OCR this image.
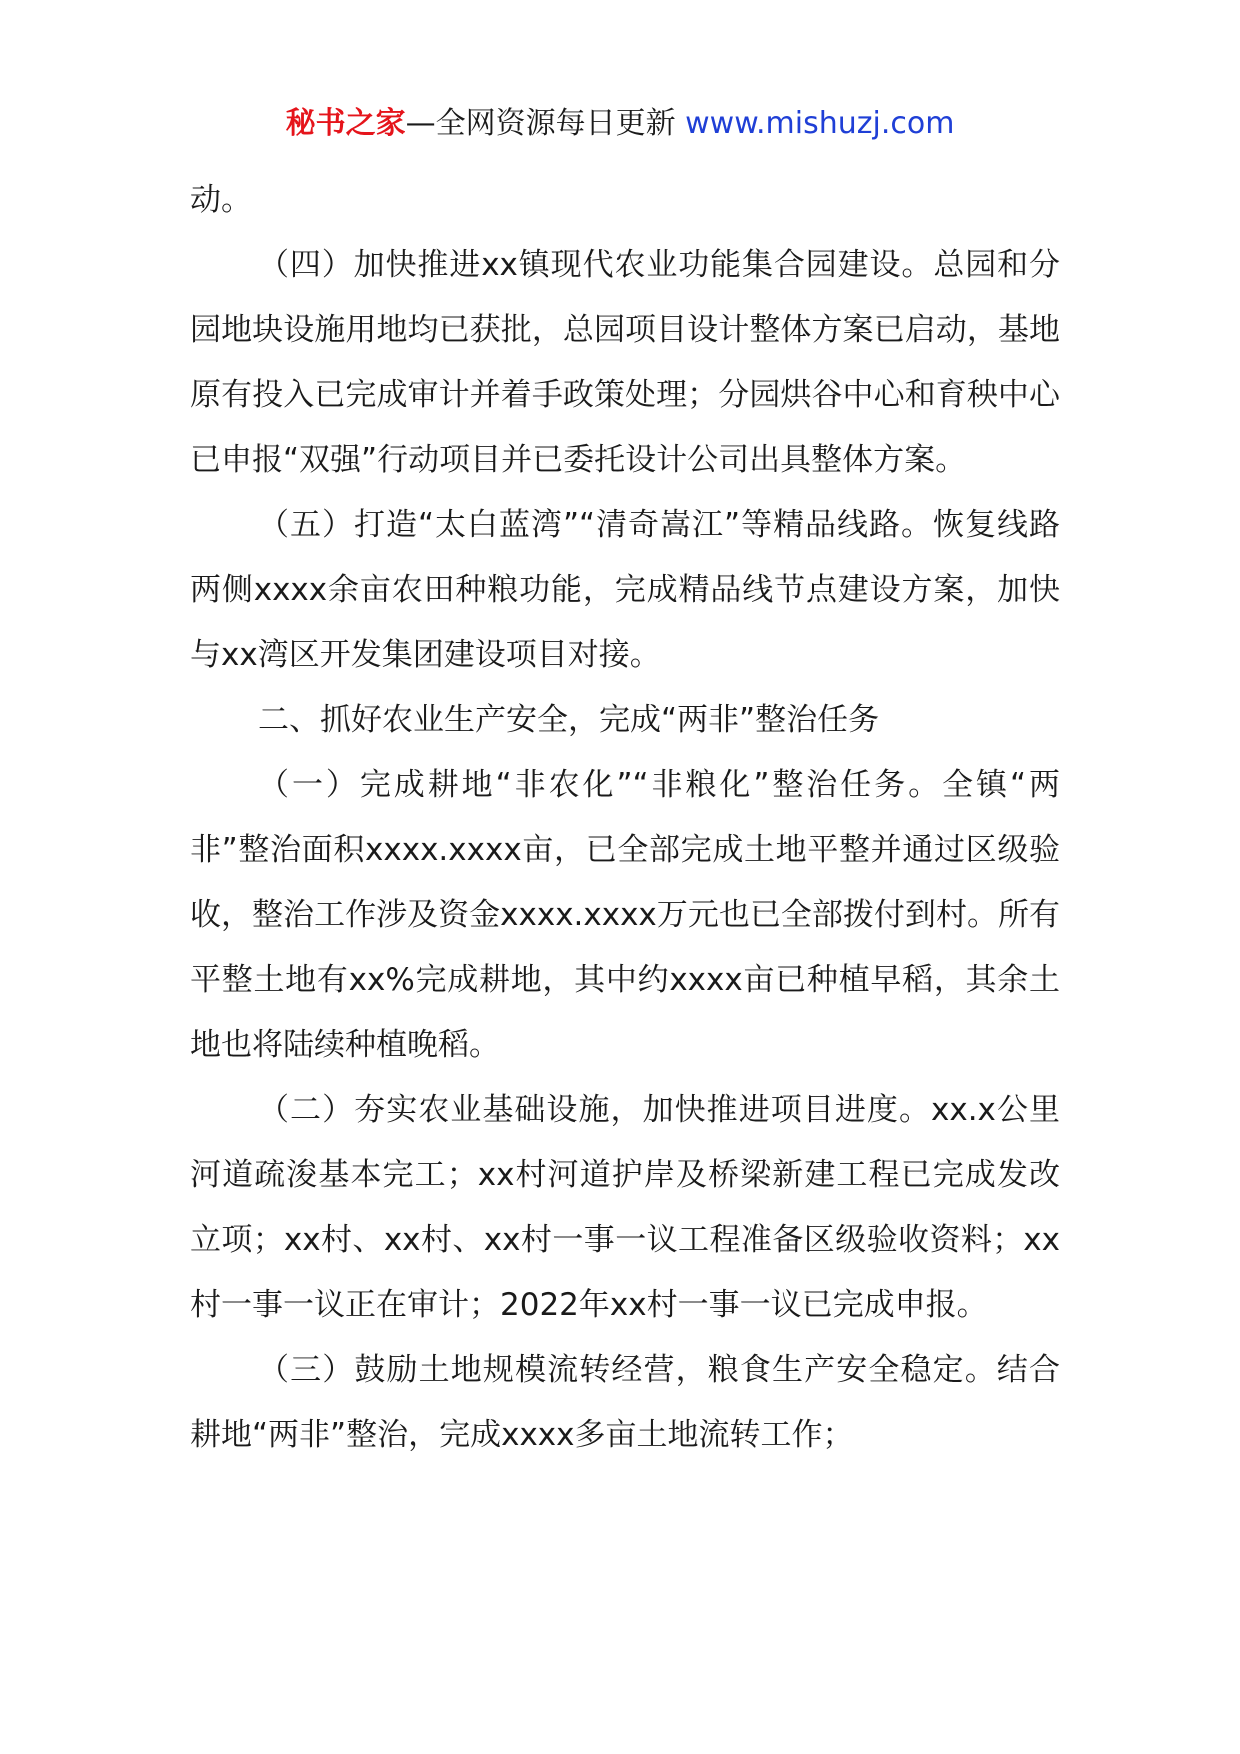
秘书之家—全网资源每日更新 www.mishuzj.com

动。

（四）加快推进xx镇现代农业功能集合园建设。总园和分园地块设施用地均已获批，总园项目设计整体方案已启动，基地原有投入已完成审计并着手政策处理；分园烘谷中心和育秧中心已申报“双强”行动项目并已委托设计公司出具整体方案。

（五）打造“太白蓝湾”“清奇嵩江”等精品线路。恢复线路两侧xxxx余亩农田种粮功能，完成精品线节点建设方案，加快与xx湾区开发集团建设项目对接。

二、抓好农业生产安全，完成“两非”整治任务

（一）完成耕地“非农化”“非粮化”整治任务。全镇“两非”整治面积xxxx.xxxx亩，已全部完成土地平整并通过区级验收，整治工作涉及资金xxxx.xxxx万元也已全部拨付到村。所有平整土地有xx%完成耕地，其中约xxxx亩已种植早稻，其余土地也将陆续种植晚稻。

（二）夯实农业基础设施，加快推进项目进度。xx.x公里河道疏浚基本完工；xx村河道护岸及桥梁新建工程已完成发改立项；xx村、xx村、xx村一事一议工程准备区级验收资料；xx村一事一议正在审计；2022年xx村一事一议已完成申报。

（三）鼓励土地规模流转经营，粮食生产安全稳定。结合耕地“两非”整治，完成xxxx多亩土地流转工作；
